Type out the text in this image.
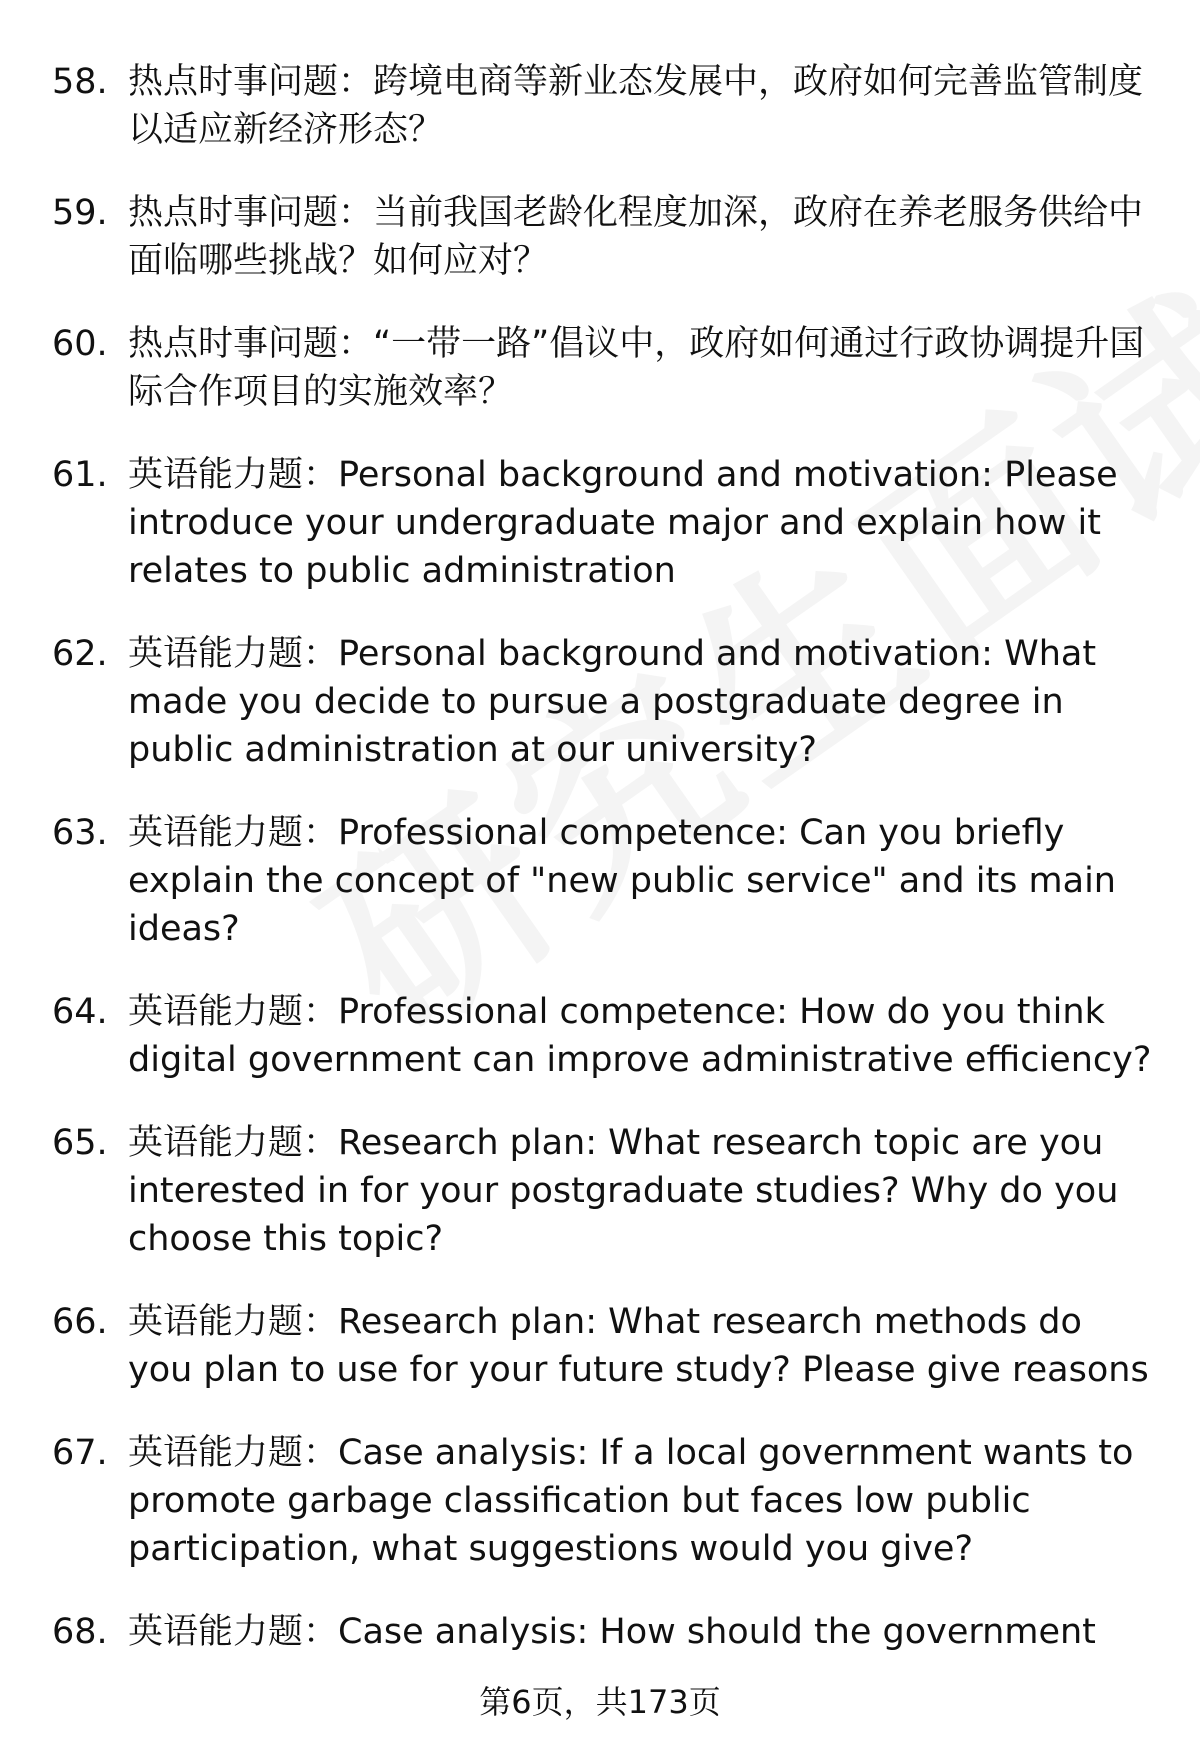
58. 热点时事问题：跨境电商等新业态发展中，政府如何完善监管制度以适应新经济形态？
59. 热点时事问题：当前我国老龄化程度加深，政府在养老服务供给中面临哪些挑战？如何应对？
60. 热点时事问题：“一带一路”倡议中，政府如何通过行政协调提升国际合作项目的实施效率？
61. 英语能力题：Personal background and motivation: Please introduce your undergraduate major and explain how it relates to public administration
62. 英语能力题：Personal background and motivation: What made you decide to pursue a postgraduate degree in public administration at our university?
63. 英语能力题：Professional competence: Can you briefly explain the concept of "new public service" and its main ideas?
64. 英语能力题：Professional competence: How do you think digital government can improve administrative efficiency?
65. 英语能力题：Research plan: What research topic are you interested in for your postgraduate studies? Why do you choose this topic?
66. 英语能力题：Research plan: What research methods do you plan to use for your future study? Please give reasons
67. 英语能力题：Case analysis: If a local government wants to promote garbage classification but faces low public participation, what suggestions would you give?
68. 英语能力题：Case analysis: How should the government
第6页，共173页
